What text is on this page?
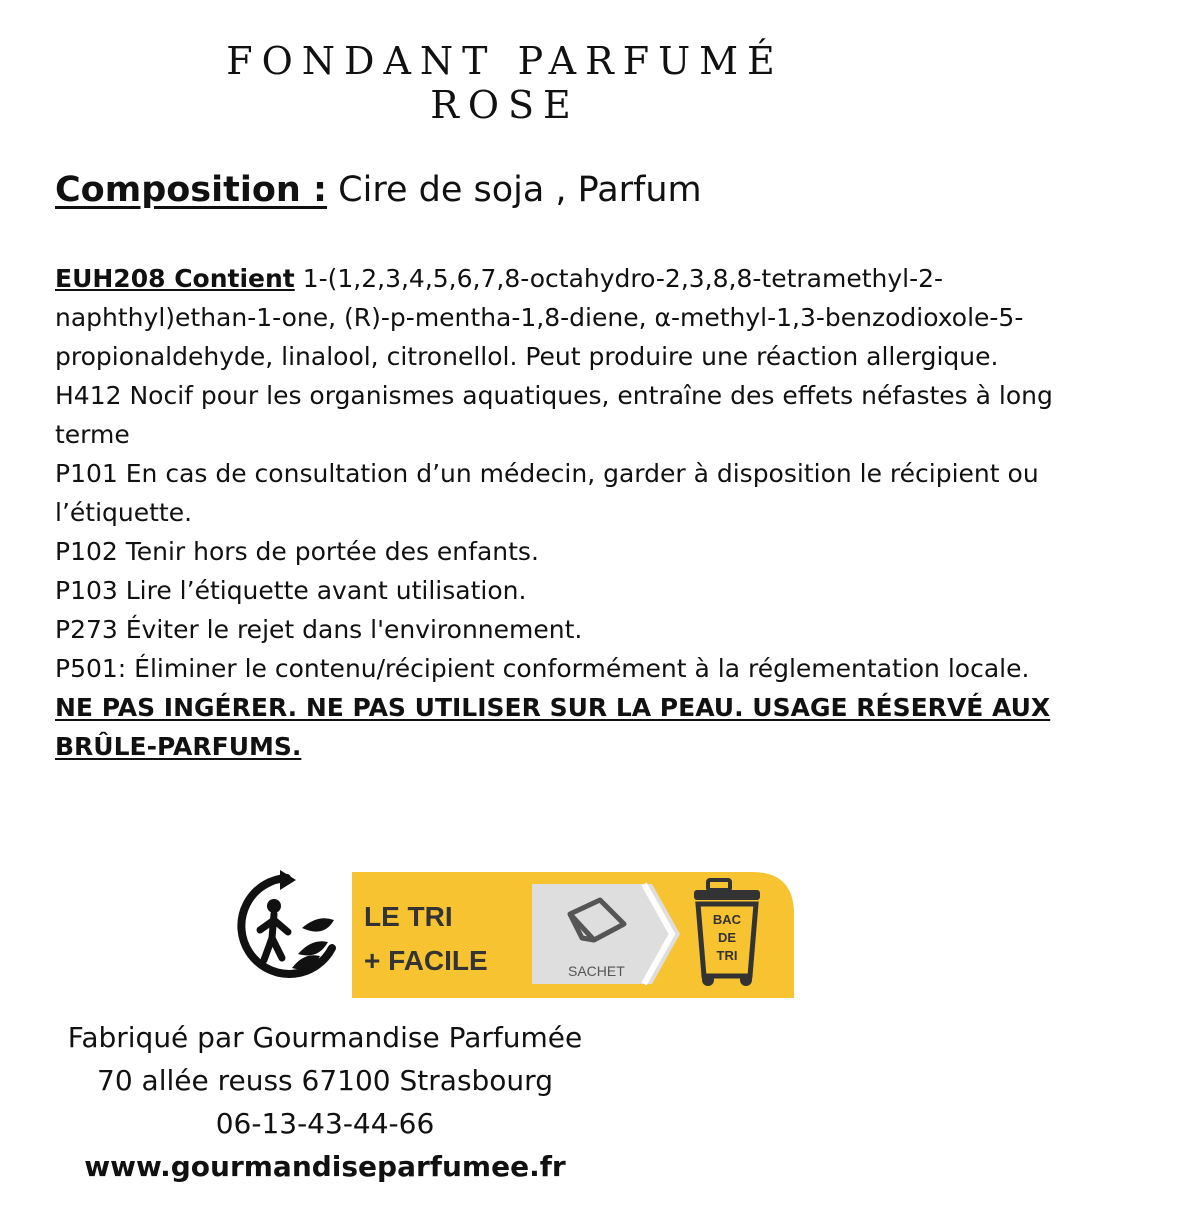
FONDANT PARFUMÉ
ROSE
Composition : Cire de soja , Parfum

EUH208 Contient 1-(1,2,3,4,5,6,7,8-octahydro-2,3,8,8-tetramethyl-2-naphthyl)ethan-1-one, (R)-p-mentha-1,8-diene, α-methyl-1,3-benzodioxole-5-propionaldehyde, linalool, citronellol. Peut produire une réaction allergique.

H412 Nocif pour les organismes aquatiques, entraîne des effets néfastes à long terme

P101 En cas de consultation d’un médecin, garder à disposition le récipient ou l’étiquette.

P102 Tenir hors de portée des enfants.

P103 Lire l’étiquette avant utilisation.

P273 Éviter le rejet dans l'environnement.

P501: Éliminer le contenu/récipient conformément à la réglementation locale.

NE PAS INGÉRER. NE PAS UTILISER SUR LA PEAU. USAGE RÉSERVÉ AUX BRÛLE-PARFUMS.

LE TRI
+ FACILE	SACHET
BAC
DE
TRI
Fabriqué par Gourmandise Parfumée
70 allée reuss 67100 Strasbourg
06-13-43-44-66
www.gourmandiseparfumee.fr
